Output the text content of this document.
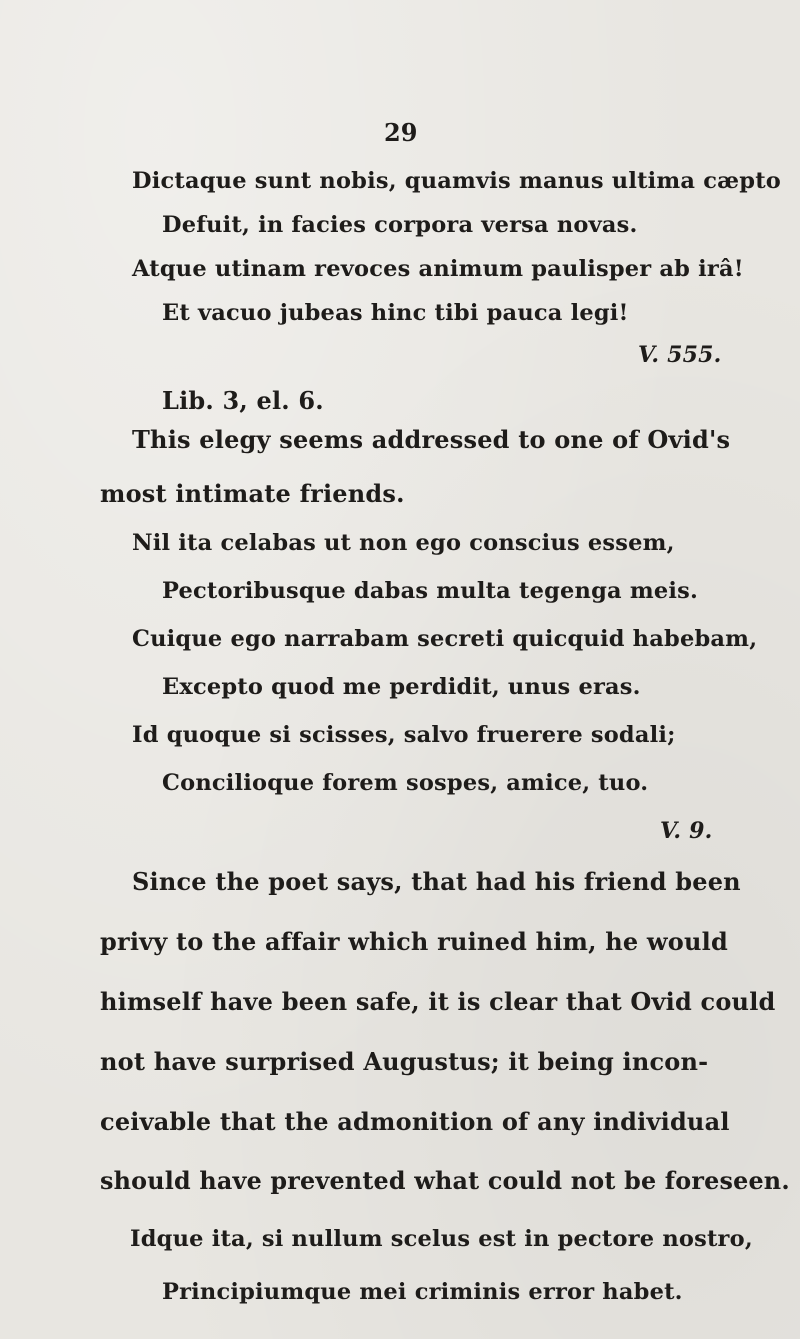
29
Dictaque sunt nobis, quamvis manus ultima cæpto
Defuit, in facies corpora versa novas.
Atque utinam revoces animum paulisper ab irâ!
Et vacuo jubeas hinc tibi pauca legi!
V. 555.
Lib. 3, el. 6.
This elegy seems addressed to one of Ovid's
most intimate friends.
Nil ita celabas ut non ego conscius essem,
Pectoribusque dabas multa tegenga meis.
Cuique ego narrabam secreti quicquid habebam,
Excepto quod me perdidit, unus eras.
Id quoque si scisses, salvo fruerere sodali;
Concilioque forem sospes, amice, tuo.
V. 9.
Since the poet says, that had his friend been
privy to the affair which ruined him, he would
himself have been safe, it is clear that Ovid could
not have surprised Augustus; it being incon-
ceivable that the admonition of any individual
should have prevented what could not be foreseen.
Idque ita, si nullum scelus est in pectore nostro,
Principiumque mei criminis error habet.
